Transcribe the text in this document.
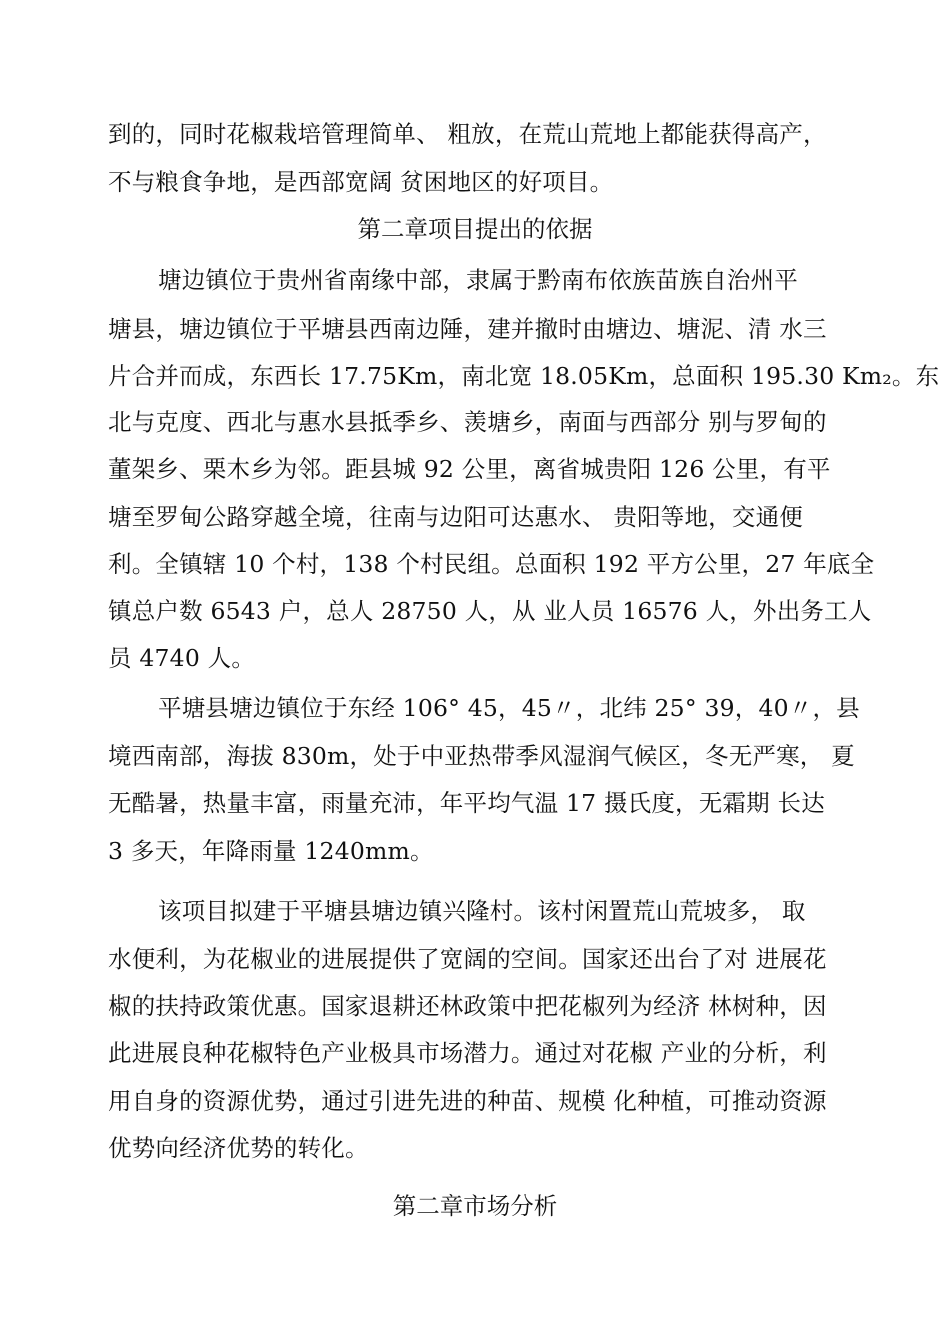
到的，同时花椒栽培管理简单、 粗放，在荒山荒地上都能获得高产，
不与粮食争地，是西部宽阔 贫困地区的好项目。
第二章项目提出的依据
塘边镇位于贵州省南缘中部，隶属于黔南布依族苗族自治州平
塘县，塘边镇位于平塘县西南边陲，建并撤时由塘边、塘泥、清 水三
片合并而成，东西长 17.75Km，南北宽 18.05Km，总面积 195.30 Km₂。东
北与克度、西北与惠水县抵季乡、羡塘乡，南面与西部分 别与罗甸的
董架乡、栗木乡为邻。距县城 92 公里，离省城贵阳 126 公里，有平
塘至罗甸公路穿越全境，往南与边阳可达惠水、 贵阳等地，交通便
利。全镇辖 10 个村，138 个村民组。总面积 192 平方公里，27 年底全
镇总户数 6543 户，总人 28750 人，从 业人员 16576 人，外出务工人
员 4740 人。
平塘县塘边镇位于东经 106° 45，45〃，北纬 25° 39，40〃，县
境西南部，海拔 830m，处于中亚热带季风湿润气候区，冬无严寒， 夏
无酷暑，热量丰富，雨量充沛，年平均气温 17 摄氏度，无霜期 长达
3 多天，年降雨量 1240mm。
该项目拟建于平塘县塘边镇兴隆村。该村闲置荒山荒坡多， 取
水便利，为花椒业的进展提供了宽阔的空间。国家还出台了对 进展花
椒的扶持政策优惠。国家退耕还林政策中把花椒列为经济 林树种，因
此进展良种花椒特色产业极具市场潜力。通过对花椒 产业的分析，利
用自身的资源优势，通过引进先进的种苗、规模 化种植，可推动资源
优势向经济优势的转化。
第二章市场分析
